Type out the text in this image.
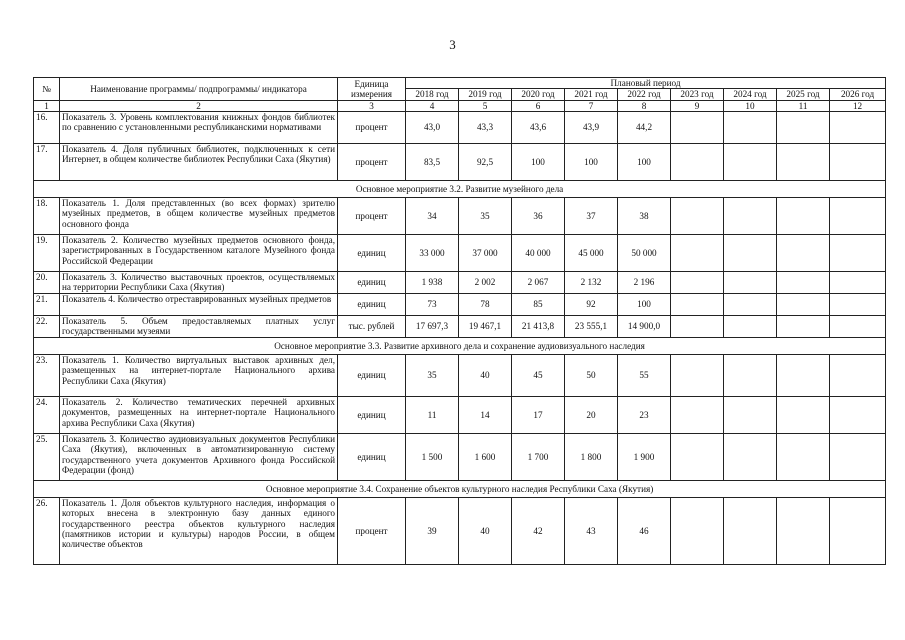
3
№	Наименование программы/ подпрограммы/ индикатора	Единица измерения	Плановый период								
			2018 год	2019 год	2020 год	2021 год	2022 год	2023 год	2024 год	2025 год	2026 год
1	2	3	4	5	6	7	8	9	10	11	12
16.	Показатель 3. Уровень комплектования книжных фондов библиотек по сравнению с установленными республиканскими нормативами	процент	43,0	43,3	43,6	43,9	44,2				
17.	Показатель 4. Доля публичных библиотек, подключенных к сети Интернет, в общем количестве библиотек Республики Саха (Якутия)	процент	83,5	92,5	100	100	100				
Основное мероприятие 3.2. Развитие музейного дела											
18.	Показатель 1. Доля представленных (во всех формах) зрителю музейных предметов, в общем количестве музейных предметов основного фонда	процент	34	35	36	37	38				
19.	Показатель 2. Количество музейных предметов основного фонда, зарегистрированных в Государственном каталоге Музейного фонда Российской Федерации	единиц	33 000	37 000	40 000	45 000	50 000				
20.	Показатель 3. Количество выставочных проектов, осуществляемых на территории Республики Саха (Якутия)	единиц	1 938	2 002	2 067	2 132	2 196				
21.	Показатель 4. Количество отреставрированных музейных предметов	единиц	73	78	85	92	100				
22.	Показатель 5. Объем предоставляемых платных услуг государственными музеями	тыс. рублей	17 697,3	19 467,1	21 413,8	23 555,1	14 900,0				
Основное мероприятие 3.3. Развитие архивного дела и сохранение аудиовизуального наследия											
23.	Показатель 1. Количество виртуальных выставок архивных дел, размещенных на интернет-портале Национального архива Республики Саха (Якутия)	единиц	35	40	45	50	55				
24.	Показатель 2. Количество тематических перечней архивных документов, размещенных на интернет-портале Национального архива Республики Саха (Якутия)	единиц	11	14	17	20	23				
25.	Показатель 3. Количество аудиовизуальных документов Республики Саха (Якутия), включенных в автоматизированную систему государственного учета документов Архивного фонда Российской Федерации (фонд)	единиц	1 500	1 600	1 700	1 800	1 900				
Основное мероприятие 3.4. Сохранение объектов культурного наследия Республики Саха (Якутия)											
26.	Показатель 1. Доля объектов культурного наследия, информация о которых внесена в электронную базу данных единого государственного реестра объектов культурного наследия (памятников истории и культуры) народов России, в общем количестве объектов	процент	39	40	42	43	46				
